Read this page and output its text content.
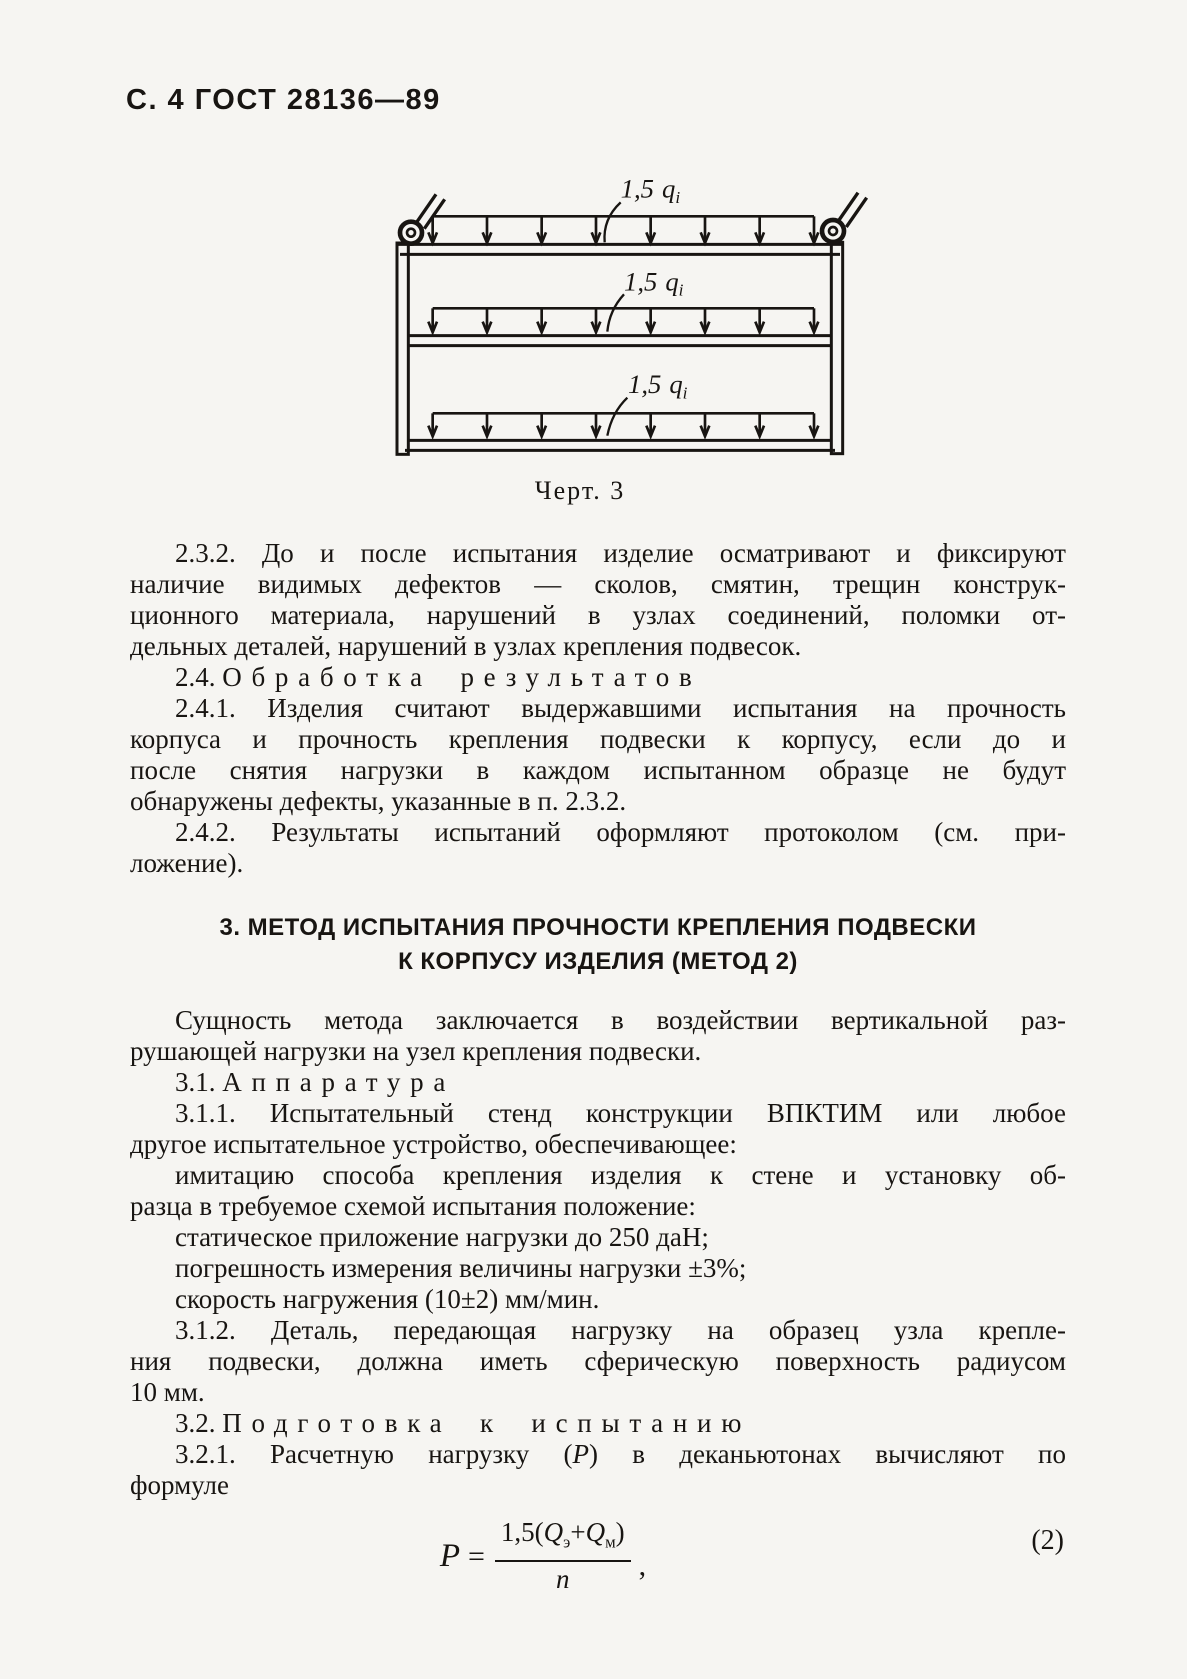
С. 4 ГОСТ 28136—89
1,5 $q_i$
1,5 $q_i$
1,5 $q_i$
Черт. 3
2.3.2. До и после испытания изделие осматривают и фиксируют
наличие видимых дефектов — сколов, смятин, трещин конструк-
ционного материала, нарушений в узлах соединений, поломки от-
дельных деталей, нарушений в узлах крепления подвесок.
2.4. Обработка результатов
2.4.1. Изделия считают выдержавшими испытания на прочность
корпуса и прочность крепления подвески к корпусу, если до и
после снятия нагрузки в каждом испытанном образце не будут
обнаружены дефекты, указанные в п. 2.3.2.
2.4.2. Результаты испытаний оформляют протоколом (см. при-
ложение).
3. МЕТОД ИСПЫТАНИЯ ПРОЧНОСТИ КРЕПЛЕНИЯ ПОДВЕСКИ
К КОРПУСУ ИЗДЕЛИЯ (МЕТОД 2)
Сущность метода заключается в воздействии вертикальной раз-
рушающей нагрузки на узел крепления подвески.
3.1. Аппаратура
3.1.1. Испытательный стенд конструкции ВПКТИМ или любое
другое испытательное устройство, обеспечивающее:
имитацию способа крепления изделия к стене и установку об-
разца в требуемое схемой испытания положение:
статическое приложение нагрузки до 250 даН;
погрешность измерения величины нагрузки ±3%;
скорость нагружения (10±2) мм/мин.
3.1.2. Деталь, передающая нагрузку на образец узла крепле-
ния подвески, должна иметь сферическую поверхность радиусом
10 мм.
3.2. Подготовка к испытанию
3.2.1. Расчетную нагрузку (Р) в деканьютонах вычисляют по
формуле
$P = \frac{1,5(Q_э+Q_м)}{n}$ ,
(2)
